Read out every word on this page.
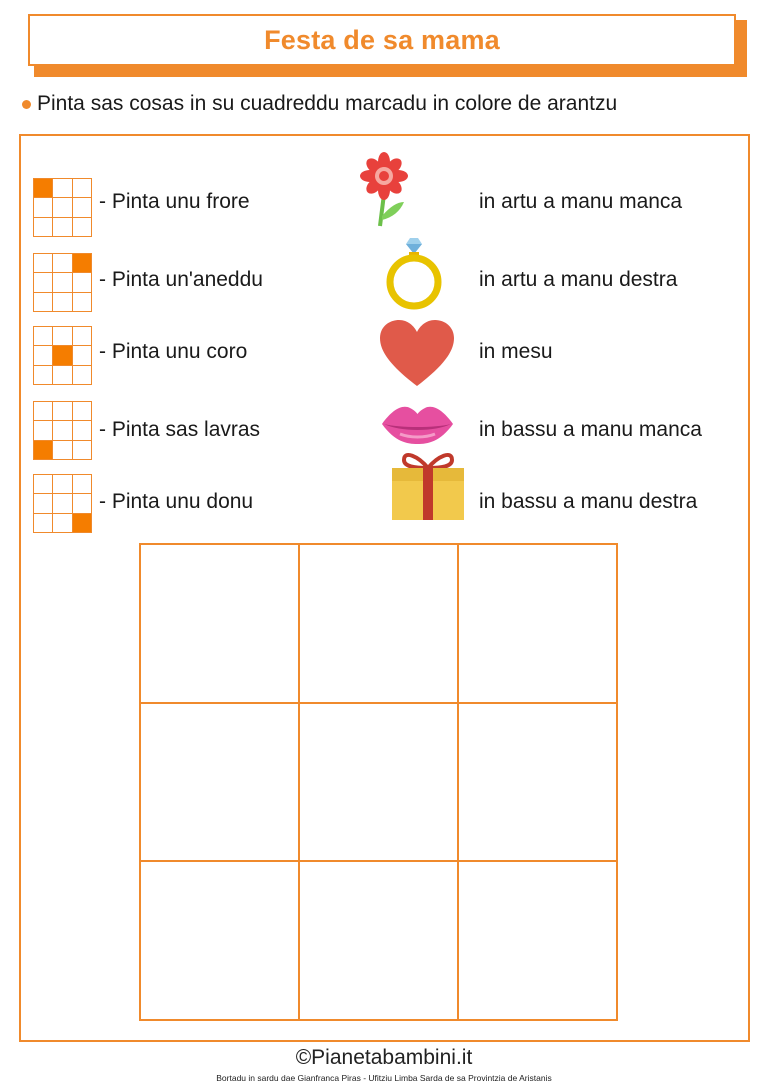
Festa de sa mama
Pinta sas cosas in su cuadreddu marcadu in colore de arantzu
- Pinta unu frore	in artu a manu manca
- Pinta un'aneddu	in artu a manu destra
- Pinta unu coro	in mesu
- Pinta sas lavras	in bassu a manu manca
- Pinta unu donu	in bassu a manu destra
©Pianetabambini.it
Bortadu in sardu dae Gianfranca Piras - Ufitziu Limba Sarda de sa Provintzia de Aristanis
